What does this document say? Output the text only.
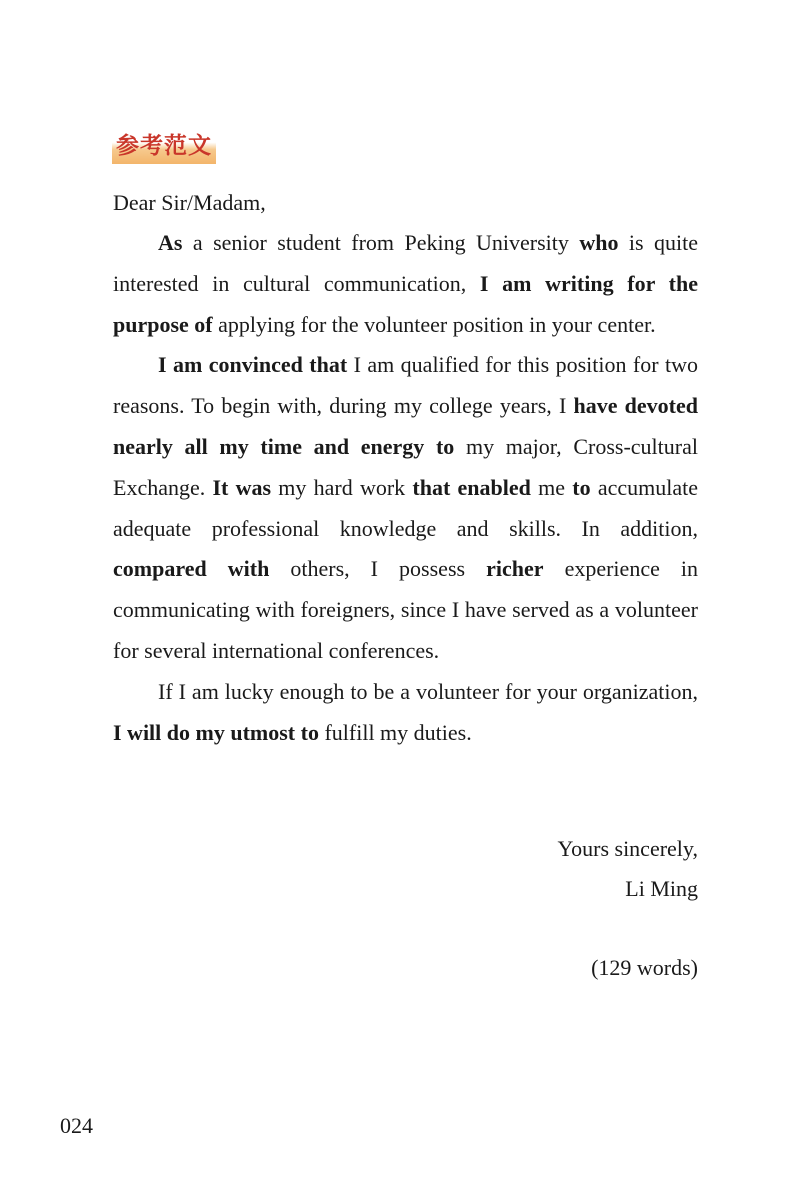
参考范文
Dear Sir/Madam,

As a senior student from Peking University who is quite interested in cultural communication, I am writing for the purpose of applying for the volunteer position in your center.

I am convinced that I am qualified for this position for two reasons. To begin with, during my college years, I have devoted nearly all my time and energy to my major, Cross-cultural Exchange. It was my hard work that enabled me to accumulate adequate professional knowledge and skills. In addition, compared with others, I possess richer experience in communicating with foreigners, since I have served as a volunteer for several international conferences.

If I am lucky enough to be a volunteer for your organization, I will do my utmost to fulfill my duties.

Yours sincerely,
Li Ming
(129 words)
024
